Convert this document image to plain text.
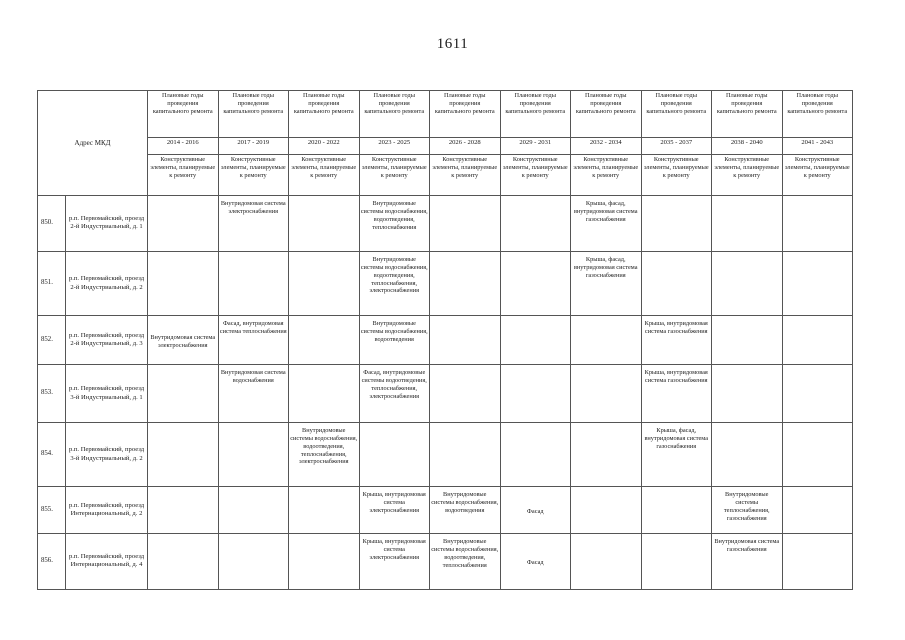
1611
Адрес МКД		Плановые годы проведения капитального ремонта	Плановые годы проведения капитального ремонта	Плановые годы проведения капитального ремонта	Плановые годы проведения капитального ремонта	Плановые годы проведения капитального ремонта	Плановые годы проведения капитального ремонта	Плановые годы проведения капитального ремонта	Плановые годы проведения капитального ремонта	Плановые годы проведения капитального ремонта	Плановые годы проведения капитального ремонта
		2014 - 2016	2017 - 2019	2020 - 2022	2023 - 2025	2026 - 2028	2029 - 2031	2032 - 2034	2035 - 2037	2038 - 2040	2041 - 2043
		Конструктивные элементы, планируемые к ремонту	Конструктивные элементы, планируемые к ремонту	Конструктивные элементы, планируемые к ремонту	Конструктивные элементы, планируемые к ремонту	Конструктивные элементы, планируемые к ремонту	Конструктивные элементы, планируемые к ремонту	Конструктивные элементы, планируемые к ремонту	Конструктивные элементы, планируемые к ремонту	Конструктивные элементы, планируемые к ремонту	Конструктивные элементы, планируемые к ремонту
850.	р.п. Первомайский, проезд 2-й Индустриальный, д. 1		Внутридомовая система электроснабжения		Внутридомовые системы водоснабжения, водоотведения, теплоснабжения			Крыша, фасад, внутридомовая система газоснабжения			
851.	р.п. Первомайский, проезд 2-й Индустриальный, д. 2				Внутридомовые системы водоснабжения, водоотведения, теплоснабжения, электроснабжения			Крыша, фасад, внутридомовая система газоснабжения			
852.	р.п. Первомайский, проезд 2-й Индустриальный, д. 3	Внутридомовая система электроснабжения	Фасад, внутридомовая система теплоснабжения		Внутридомовые системы водоснабжения, водоотведения				Крыша, внутридомовая система газоснабжения		
853.	р.п. Первомайский, проезд 3-й Индустриальный, д. 1		Внутридомовая система водоснабжения		Фасад, внутридомовые системы водоотведения, теплоснабжения, электроснабжения				Крыша, внутридомовая система газоснабжения		
854.	р.п. Первомайский, проезд 3-й Индустриальный, д. 2			Внутридомовые системы водоснабжения, водоотведения, теплоснабжения, электроснабжения					Крыша, фасад, внутридомовая система газоснабжения		
855.	р.п. Первомайский, проезд Интернациональный, д. 2				Крыша, внутридомовая система электроснабжения	Внутридомовые системы водоснабжения, водоотведения	Фасад			Внутридомовые системы теплоснабжения, газоснабжения	
856.	р.п. Первомайский, проезд Интернациональный, д. 4				Крыша, внутридомовая система электроснабжения	Внутридомовые системы водоснабжения, водоотведения, теплоснабжения	Фасад			Внутридомовая система газоснабжения	
